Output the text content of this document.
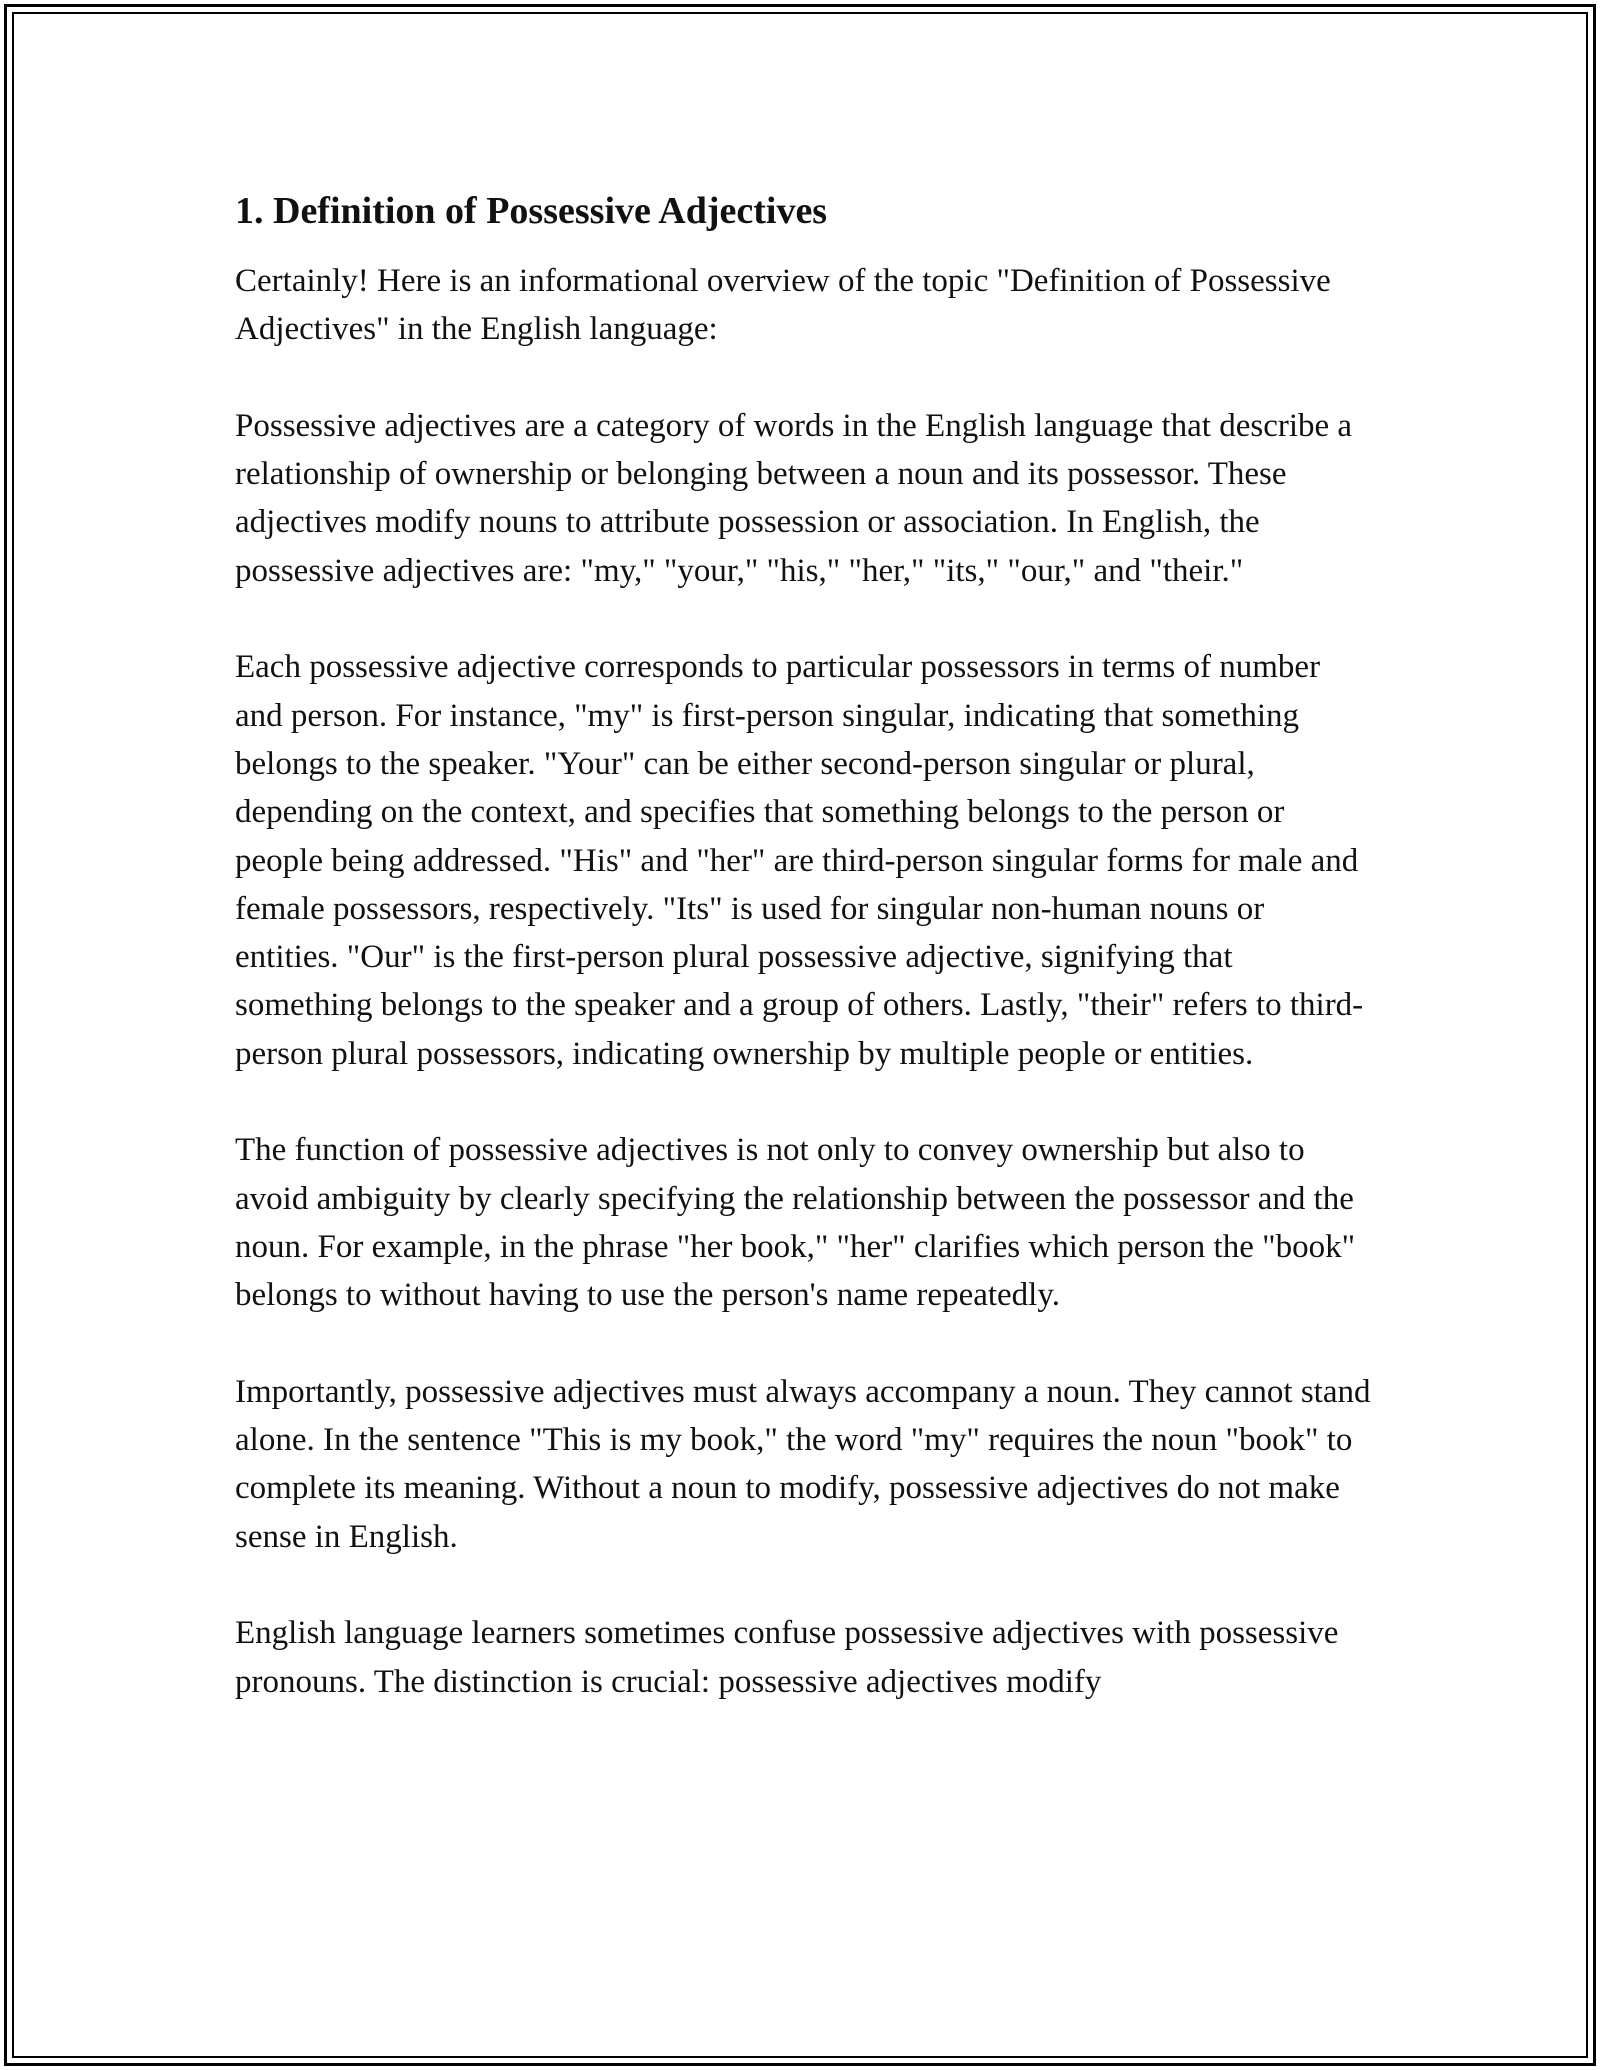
1. Definition of Possessive Adjectives

Certainly! Here is an informational overview of the topic "Definition of Possessive Adjectives" in the English language:

Possessive adjectives are a category of words in the English language that describe a relationship of ownership or belonging between a noun and its possessor. These adjectives modify nouns to attribute possession or association. In English, the possessive adjectives are: "my," "your," "his," "her," "its," "our," and "their."

Each possessive adjective corresponds to particular possessors in terms of number and person. For instance, "my" is first-person singular, indicating that something belongs to the speaker. "Your" can be either second-person singular or plural, depending on the context, and specifies that something belongs to the person or people being addressed. "His" and "her" are third-person singular forms for male and female possessors, respectively. "Its" is used for singular non-human nouns or entities. "Our" is the first-person plural possessive adjective, signifying that something belongs to the speaker and a group of others. Lastly, "their" refers to third-person plural possessors, indicating ownership by multiple people or entities.

The function of possessive adjectives is not only to convey ownership but also to avoid ambiguity by clearly specifying the relationship between the possessor and the noun. For example, in the phrase "her book," "her" clarifies which person the "book" belongs to without having to use the person's name repeatedly.

Importantly, possessive adjectives must always accompany a noun. They cannot stand alone. In the sentence "This is my book," the word "my" requires the noun "book" to complete its meaning. Without a noun to modify, possessive adjectives do not make sense in English.

English language learners sometimes confuse possessive adjectives with possessive pronouns. The distinction is crucial: possessive adjectives modify
